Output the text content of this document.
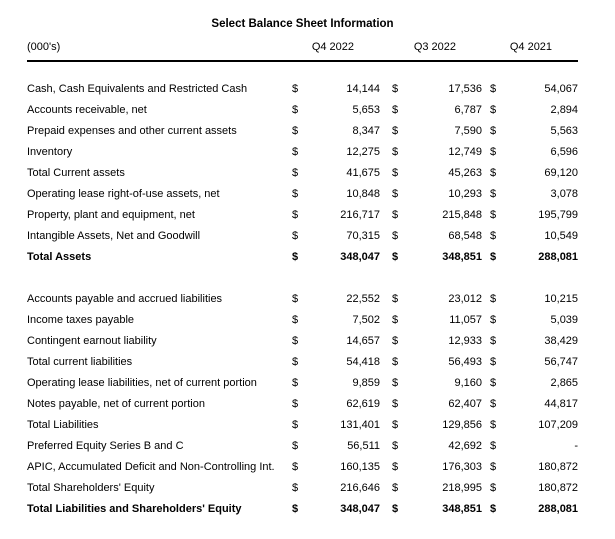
Select Balance Sheet Information
(000's)	Q4 2022		Q3 2022		Q4 2021	

Cash, Cash Equivalents and Restricted Cash	$	14,144	$	17,536	$	54,067
Accounts receivable, net	$	5,653	$	6,787	$	2,894
Prepaid expenses and other current assets	$	8,347	$	7,590	$	5,563
Inventory	$	12,275	$	12,749	$	6,596
Total Current assets	$	41,675	$	45,263	$	69,120
Operating lease right-of-use assets, net	$	10,848	$	10,293	$	3,078
Property, plant and equipment, net	$	216,717	$	215,848	$	195,799
Intangible Assets, Net and Goodwill	$	70,315	$	68,548	$	10,549
Total Assets	$	348,047	$	348,851	$	288,081

Accounts payable and accrued liabilities	$	22,552	$	23,012	$	10,215
Income taxes payable	$	7,502	$	11,057	$	5,039
Contingent earnout liability	$	14,657	$	12,933	$	38,429
Total current liabilities	$	54,418	$	56,493	$	56,747
Operating lease liabilities, net of current portion	$	9,859	$	9,160	$	2,865
Notes payable, net of current portion	$	62,619	$	62,407	$	44,817
Total Liabilities	$	131,401	$	129,856	$	107,209
Preferred Equity Series B and C	$	56,511	$	42,692	$	-
APIC, Accumulated Deficit and Non-Controlling Int.	$	160,135	$	176,303	$	180,872
Total Shareholders' Equity	$	216,646	$	218,995	$	180,872
Total Liabilities and Shareholders' Equity	$	348,047	$	348,851	$	288,081
